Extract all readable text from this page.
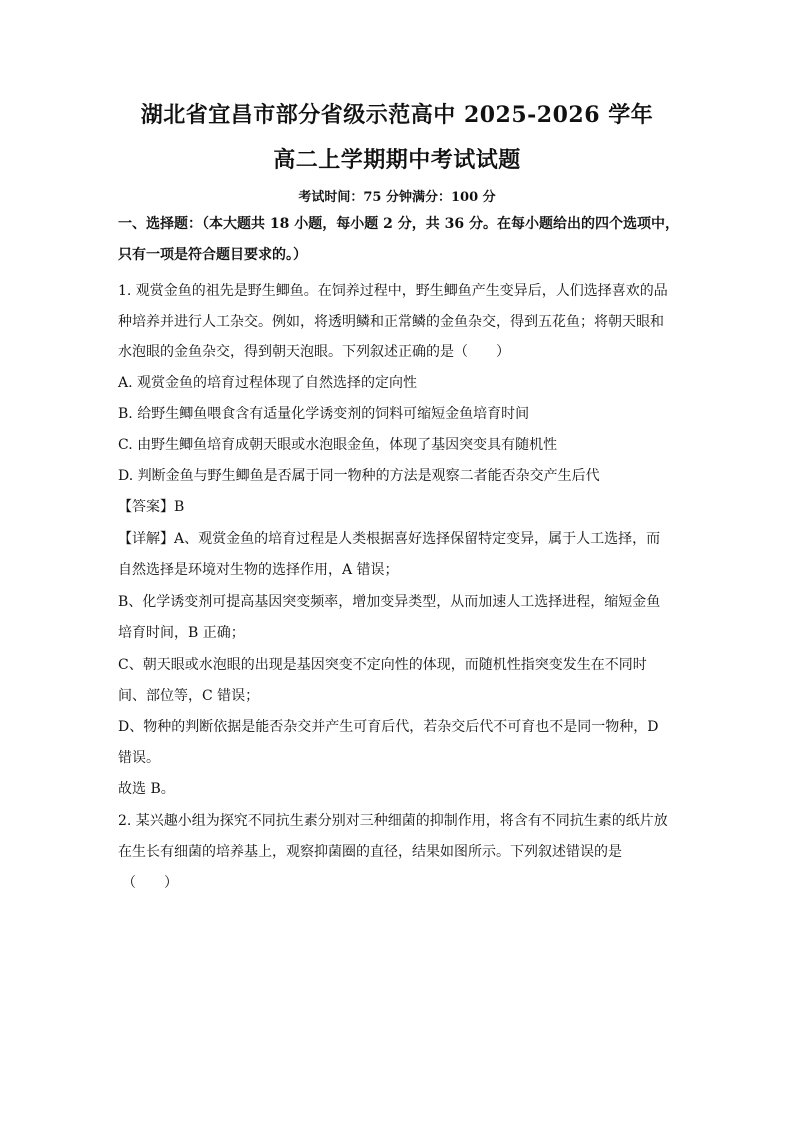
湖北省宜昌市部分省级示范高中 2025-2026 学年
高二上学期期中考试试题
考试时间：75 分钟满分：100 分
一、选择题：（本大题共 18 小题，每小题 2 分，共 36 分。在每小题给出的四个选项中，
只有一项是符合题目要求的。）
1. 观赏金鱼的祖先是野生鲫鱼。在饲养过程中，野生鲫鱼产生变异后，人们选择喜欢的品
种培养并进行人工杂交。例如，将透明鳞和正常鳞的金鱼杂交，得到五花鱼；将朝天眼和
水泡眼的金鱼杂交，得到朝天泡眼。下列叙述正确的是（　　）
A. 观赏金鱼的培育过程体现了自然选择的定向性
B. 给野生鲫鱼喂食含有适量化学诱变剂的饲料可缩短金鱼培育时间
C. 由野生鲫鱼培育成朝天眼或水泡眼金鱼，体现了基因突变具有随机性
D. 判断金鱼与野生鲫鱼是否属于同一物种的方法是观察二者能否杂交产生后代
【答案】B
【详解】A、观赏金鱼的培育过程是人类根据喜好选择保留特定变异，属于人工选择，而
自然选择是环境对生物的选择作用，A 错误；
B、化学诱变剂可提高基因突变频率，增加变异类型，从而加速人工选择进程，缩短金鱼
培育时间，B 正确；
C、朝天眼或水泡眼的出现是基因突变不定向性的体现，而随机性指突变发生在不同时
间、部位等，C 错误；
D、物种的判断依据是能否杂交并产生可育后代，若杂交后代不可育也不是同一物种，D
错误。
故选 B。
2. 某兴趣小组为探究不同抗生素分别对三种细菌的抑制作用，将含有不同抗生素的纸片放
在生长有细菌的培养基上，观察抑菌圈的直径，结果如图所示。下列叙述错误的是
（　　）
